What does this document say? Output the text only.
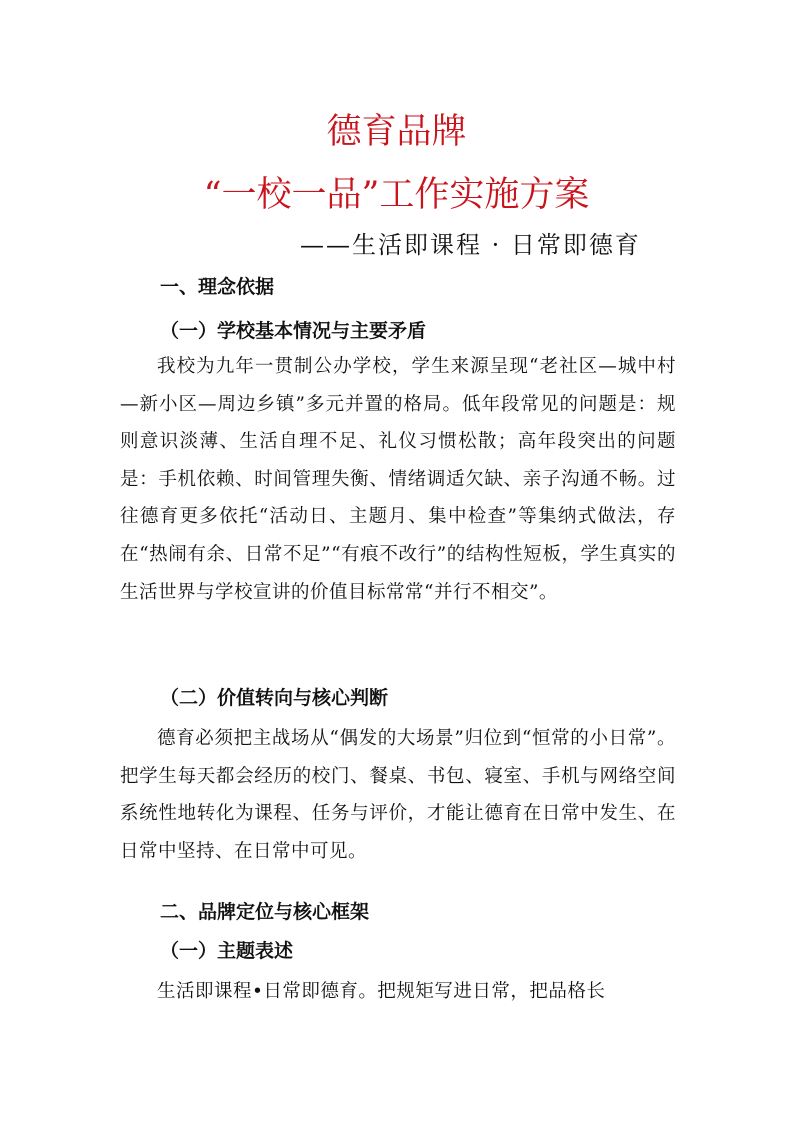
德育品牌
“一校一品”工作实施方案

——生活即课程 · 日常即德育

一、理念依据
（一）学校基本情况与主要矛盾

我校为九年一贯制公办学校，学生来源呈现“老社区—城中村—新小区—周边乡镇”多元并置的格局。低年段常见的问题是：规则意识淡薄、生活自理不足、礼仪习惯松散；高年段突出的问题是：手机依赖、时间管理失衡、情绪调适欠缺、亲子沟通不畅。过往德育更多依托“活动日、主题月、集中检查”等集纳式做法，存在“热闹有余、日常不足”“有痕不改行”的结构性短板，学生真实的生活世界与学校宣讲的价值目标常常“并行不相交”。

（二）价值转向与核心判断

德育必须把主战场从“偶发的大场景”归位到“恒常的小日常”。把学生每天都会经历的校门、餐桌、书包、寝室、手机与网络空间系统性地转化为课程、任务与评价，才能让德育在日常中发生、在日常中坚持、在日常中可见。

二、品牌定位与核心框架
（一）主题表述

生活即课程•日常即德育。把规矩写进日常，把品格长
